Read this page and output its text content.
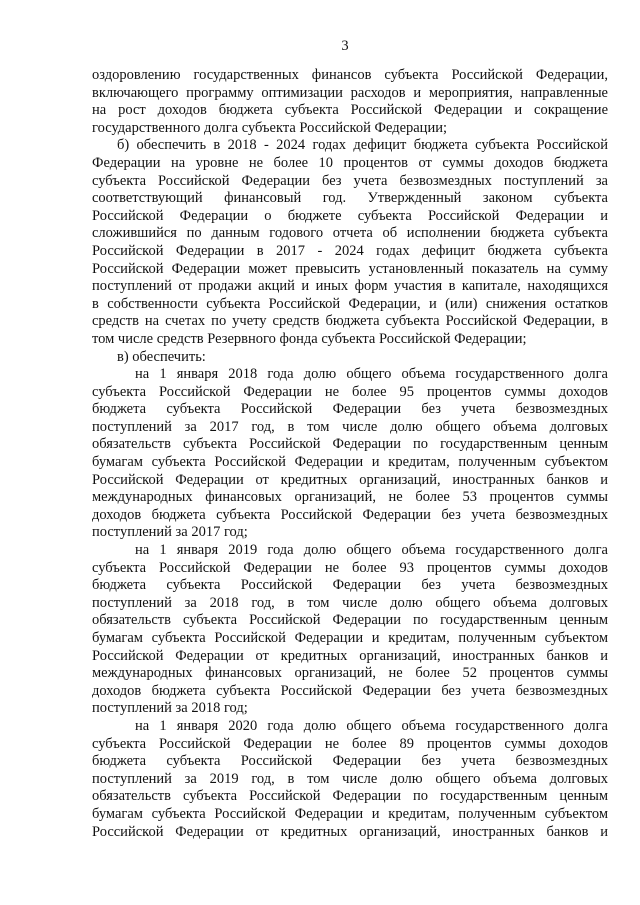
3
оздоровлению государственных финансов субъекта Российской Федерации,
включающего программу оптимизации расходов и мероприятия, направленные
на рост доходов бюджета субъекта Российской Федерации и сокращение
государственного долга субъекта Российской Федерации;
б) обеспечить в 2018 - 2024 годах дефицит бюджета субъекта Российской
Федерации на уровне не более 10 процентов от суммы доходов бюджета
субъекта Российской Федерации без учета безвозмездных поступлений за
соответствующий финансовый год. Утвержденный законом субъекта
Российской Федерации о бюджете субъекта Российской Федерации и
сложившийся по данным годового отчета об исполнении бюджета субъекта
Российской Федерации в 2017 - 2024 годах дефицит бюджета субъекта
Российской Федерации может превысить установленный показатель на сумму
поступлений от продажи акций и иных форм участия в капитале, находящихся
в собственности субъекта Российской Федерации, и (или) снижения остатков
средств на счетах по учету средств бюджета субъекта Российской Федерации, в
том числе средств Резервного фонда субъекта Российской Федерации;
в) обеспечить:
на 1 января 2018 года долю общего объема государственного долга
субъекта Российской Федерации не более 95 процентов суммы доходов
бюджета субъекта Российской Федерации без учета безвозмездных
поступлений за 2017 год, в том числе долю общего объема долговых
обязательств субъекта Российской Федерации по государственным ценным
бумагам субъекта Российской Федерации и кредитам, полученным субъектом
Российской Федерации от кредитных организаций, иностранных банков и
международных финансовых организаций, не более 53 процентов суммы
доходов бюджета субъекта Российской Федерации без учета безвозмездных
поступлений за 2017 год;
на 1 января 2019 года долю общего объема государственного долга
субъекта Российской Федерации не более 93 процентов суммы доходов
бюджета субъекта Российской Федерации без учета безвозмездных
поступлений за 2018 год, в том числе долю общего объема долговых
обязательств субъекта Российской Федерации по государственным ценным
бумагам субъекта Российской Федерации и кредитам, полученным субъектом
Российской Федерации от кредитных организаций, иностранных банков и
международных финансовых организаций, не более 52 процентов суммы
доходов бюджета субъекта Российской Федерации без учета безвозмездных
поступлений за 2018 год;
на 1 января 2020 года долю общего объема государственного долга
субъекта Российской Федерации не более 89 процентов суммы доходов
бюджета субъекта Российской Федерации без учета безвозмездных
поступлений за 2019 год, в том числе долю общего объема долговых
обязательств субъекта Российской Федерации по государственным ценным
бумагам субъекта Российской Федерации и кредитам, полученным субъектом
Российской Федерации от кредитных организаций, иностранных банков и
